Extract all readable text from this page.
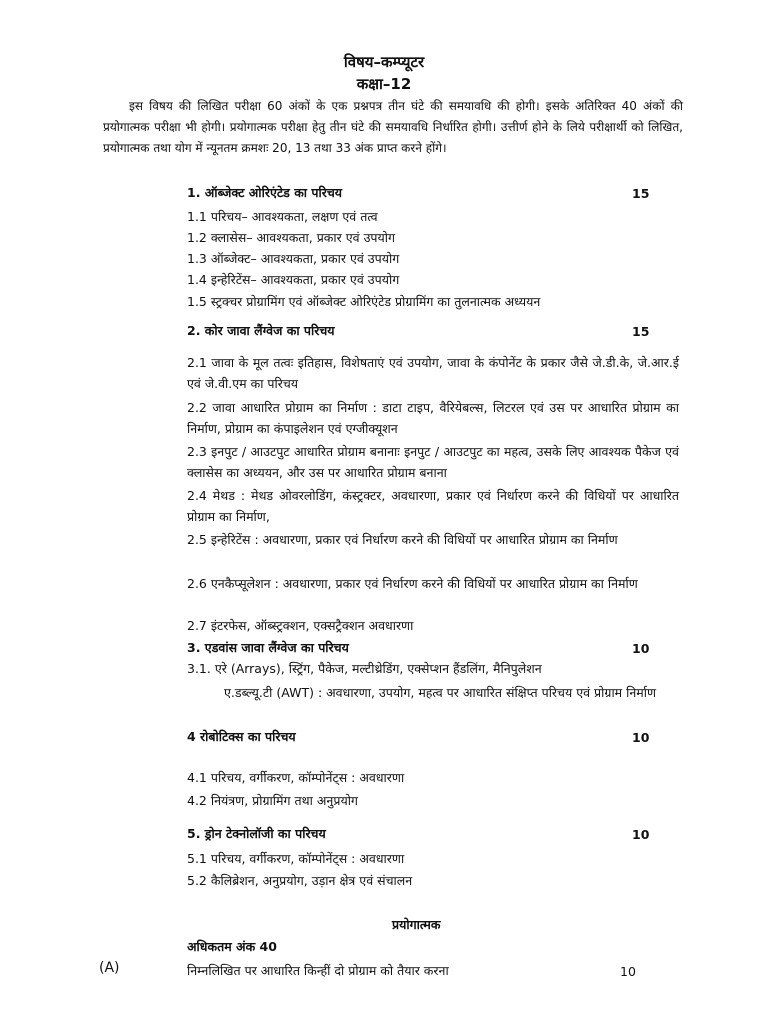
विषय–कम्प्यूटर
कक्षा–12

इस विषय की लिखित परीक्षा 60 अंकों के एक प्रश्नपत्र तीन घंटे की समयावधि की होगी। इसके अतिरिक्त 40 अंकों की प्रयोगात्मक परीक्षा भी होगी। प्रयोगात्मक परीक्षा हेतु तीन घंटे की समयावधि निर्धारित होगी। उत्तीर्ण होने के लिये परीक्षार्थी को लिखित, प्रयोगात्मक तथा योग में न्यूनतम क्रमशः 20, 13 तथा 33 अंक प्राप्त करने होंगे।

1. ऑब्जेक्ट ओरिएंटेड का परिचय	15
1.1 परिचय– आवश्यकता, लक्षण एवं तत्व
1.2 क्लासेस– आवश्यकता, प्रकार एवं उपयोग
1.3 ऑब्जेक्ट– आवश्यकता, प्रकार एवं उपयोग
1.4 इन्हेरिटेंस– आवश्यकता, प्रकार एवं उपयोग
1.5 स्ट्रक्चर प्रोग्रामिंग एवं ऑब्जेक्ट ओरिएंटेड प्रोग्रामिंग का तुलनात्मक अध्ययन
2. कोर जावा लैंग्वेज का परिचय	15

2.1 जावा के मूल तत्वः इतिहास, विशेषताएं एवं उपयोग, जावा के कंपोनेंट के प्रकार जैसे जे.डी.के, जे.आर.ई एवं जे.वी.एम का परिचय

2.2 जावा आधारित प्रोग्राम का निर्माण : डाटा टाइप, वैरियेबल्स, लिटरल एवं उस पर आधारित प्रोग्राम का निर्माण, प्रोग्राम का कंपाइलेशन एवं एग्जीक्यूशन

2.3 इनपुट / आउटपुट आधारित प्रोग्राम बनानाः इनपुट / आउटपुट का महत्व, उसके लिए आवश्यक पैकेज एवं क्लासेस का अध्ययन, और उस पर आधारित प्रोग्राम बनाना

2.4 मेथड : मेथड ओवरलोडिंग, कंस्ट्रक्टर, अवधारणा, प्रकार एवं निर्धारण करने की विधियों पर आधारित प्रोग्राम का निर्माण,

2.5 इन्हेरिटेंस : अवधारणा, प्रकार एवं निर्धारण करने की विधियों पर आधारित प्रोग्राम का निर्माण

2.6 एनकैप्सूलेशन : अवधारणा, प्रकार एवं निर्धारण करने की विधियों पर आधारित प्रोग्राम का निर्माण

2.7 इंटरफेस, ऑब्स्ट्रक्शन, एक्सट्रैक्शन अवधारणा
3. एडवांस जावा लैंग्वेज का परिचय	10
3.1. एरे (Arrays), स्ट्रिंग, पैकेज, मल्टीथ्रेडिंग, एक्सेप्शन हैंडलिंग, मैनिपुलेशन

ए.डब्ल्यू.टी (AWT) : अवधारणा, उपयोग, महत्व पर आधारित संक्षिप्त परिचय एवं प्रोग्राम निर्माण

4 रोबोटिक्स का परिचय	10
4.1 परिचय, वर्गीकरण, कॉम्पोनेंट्स : अवधारणा
4.2 नियंत्रण, प्रोग्रामिंग तथा अनुप्रयोग
5. ड्रोन टेक्नोलॉजी का परिचय	10
5.1 परिचय, वर्गीकरण, कॉम्पोनेंट्स : अवधारणा
5.2 कैलिब्रेशन, अनुप्रयोग, उड़ान क्षेत्र एवं संचालन
प्रयोगात्मक
अधिकतम अंक 40
(A)	निम्नलिखित पर आधारित किन्हीं दो प्रोग्राम को तैयार करना	10
